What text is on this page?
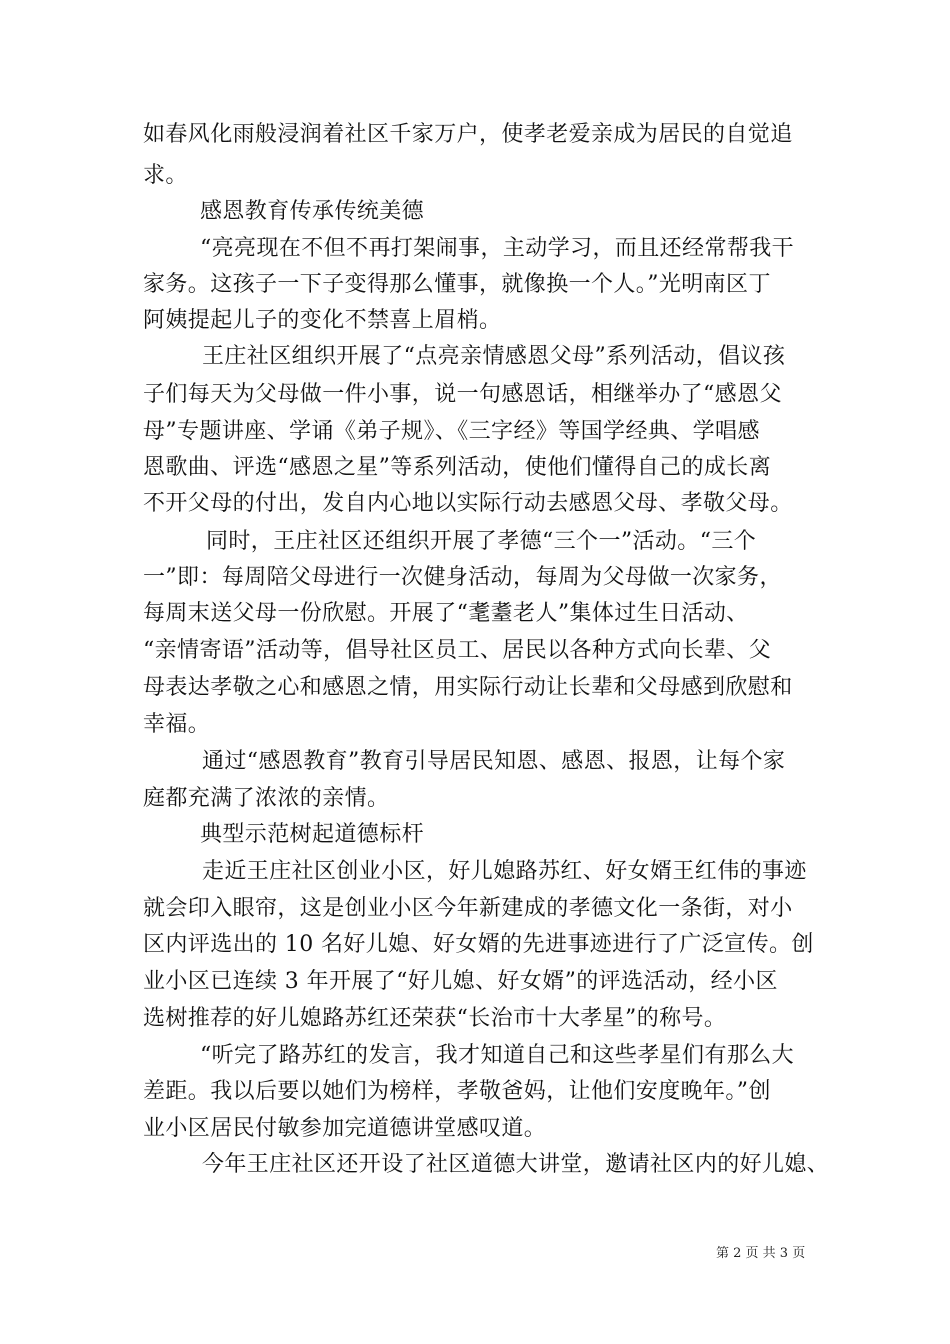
如春风化雨般浸润着社区千家万户，使孝老爱亲成为居民的自觉追
求。
感恩教育传承传统美德
“亮亮现在不但不再打架闹事，主动学习，而且还经常帮我干
家务。这孩子一下子变得那么懂事，就像换一个人。”光明南区丁
阿姨提起儿子的变化不禁喜上眉梢。
王庄社区组织开展了“点亮亲情感恩父母”系列活动，倡议孩
子们每天为父母做一件小事，说一句感恩话，相继举办了“感恩父
母”专题讲座、学诵《弟子规》、《三字经》等国学经典、学唱感
恩歌曲、评选“感恩之星”等系列活动，使他们懂得自己的成长离
不开父母的付出，发自内心地以实际行动去感恩父母、孝敬父母。
同时，王庄社区还组织开展了孝德“三个一”活动。“三个
一”即：每周陪父母进行一次健身活动，每周为父母做一次家务，
每周末送父母一份欣慰。开展了“耄耋老人”集体过生日活动、
“亲情寄语”活动等，倡导社区员工、居民以各种方式向长辈、父
母表达孝敬之心和感恩之情，用实际行动让长辈和父母感到欣慰和
幸福。
通过“感恩教育”教育引导居民知恩、感恩、报恩，让每个家
庭都充满了浓浓的亲情。
典型示范树起道德标杆
走近王庄社区创业小区，好儿媳路苏红、好女婿王红伟的事迹
就会印入眼帘，这是创业小区今年新建成的孝德文化一条街，对小
区内评选出的 10 名好儿媳、好女婿的先进事迹进行了广泛宣传。创
业小区已连续 3 年开展了“好儿媳、好女婿”的评选活动，经小区
选树推荐的好儿媳路苏红还荣获“长治市十大孝星”的称号。
“听完了路苏红的发言，我才知道自己和这些孝星们有那么大
差距。我以后要以她们为榜样，孝敬爸妈，让他们安度晚年。”创
业小区居民付敏参加完道德讲堂感叹道。
今年王庄社区还开设了社区道德大讲堂，邀请社区内的好儿媳、
第 2 页 共 3 页
